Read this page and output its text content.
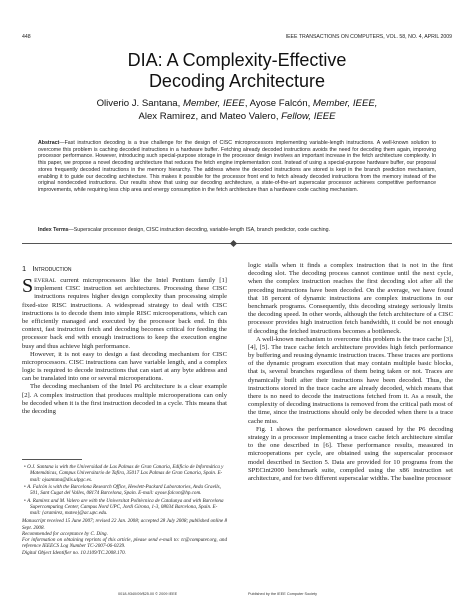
448	IEEE TRANSACTIONS ON COMPUTERS, VOL. 58, NO. 4, APRIL 2009
DIA: A Complexity-Effective
Decoding Architecture
Oliverio J. Santana, Member, IEEE, Ayose Falcón, Member, IEEE,
Alex Ramirez, and Mateo Valero, Fellow, IEEE
Abstract—Fast instruction decoding is a true challenge for the design of CISC microprocessors implementing variable-length instructions. A well-known solution to overcome this problem is caching decoded instructions in a hardware buffer. Fetching already decoded instructions avoids the need for decoding them again, improving processor performance. However, introducing such special-purpose storage in the processor design involves an important increase in the fetch architecture complexity. In this paper, we propose a novel decoding architecture that reduces the fetch engine implementation cost. Instead of using a special-purpose hardware buffer, our proposal stores frequently decoded instructions in the memory hierarchy. The address where the decoded instructions are stored is kept in the branch prediction mechanism, enabling it to guide our decoding architecture. This makes it possible for the processor front end to fetch already decoded instructions from the memory instead of the original nondecoded instructions. Our results show that using our decoding architecture, a state-of-the-art superscalar processor achieves competitive performance improvements, while requiring less chip area and energy consumption in the fetch architecture than a hardware code caching mechanism.
Index Terms—Superscalar processor design, CISC instruction decoding, variable-length ISA, branch predictor, code caching.
1 Introduction

SEVERAL current microprocessors like the Intel Pentium family [1] implement CISC instruction set architectures. Processing these CISC instructions requires higher design complexity than processing simple fixed-size RISC instructions. A widespread strategy to deal with CISC instructions is to decode them into simple RISC microoperations, which can be efficiently managed and executed by the processor back end. In this context, fast instruction fetch and decoding becomes critical for feeding the processor back end with enough instructions to keep the execution engine busy and thus achieve high performance.

However, it is not easy to design a fast decoding mechanism for CISC microprocessors. CISC instructions can have variable length, and a complex logic is required to decode instructions that can start at any byte address and can be translated into one or several microoperations.

The decoding mechanism of the Intel P6 architecture is a clear example [2]. A complex instruction that produces multiple microoperations can only be decoded when it is the first instruction decoded in a cycle. This means that the decoding

• O.J. Santana is with the Universidad de Las Palmas de Gran Canaria, Edificio de Informática y Matemáticas, Campus Universitario de Tafira, 35017 Las Palmas de Gran Canaria, Spain. E-mail: ojsantana@dis.ulpgc.es.
• A. Falcón is with the Barcelona Research Office, Hewlett-Packard Laboratories, Avda Graells, 501, Sant Cugat del Valles, 08174 Barcelona, Spain. E-mail: ayose.falcon@hp.com.
• A. Ramirez and M. Valero are with the Universitat Politècnica de Catalunya and with Barcelona Supercomputing Center, Campus Nord UPC, Jordi Girona, 1-3, 08034 Barcelona, Spain. E-mail: {aramirez, mateo}@ac.upc.edu.

Manuscript received 15 June 2007; revised 22 Jan. 2008; accepted 28 July 2008; published online 8 Sept. 2008.

Recommended for acceptance by C. Ding.

For information on obtaining reprints of this article, please send e-mail to: tc@computer.org, and reference IEEECS Log Number TC-2007-06-0239.

Digital Object Identifier no. 10.1109/TC.2008.170.

logic stalls when it finds a complex instruction that is not in the first decoding slot. The decoding process cannot continue until the next cycle, when the complex instruction reaches the first decoding slot after all the preceding instructions have been decoded. On the average, we have found that 18 percent of dynamic instructions are complex instructions in our benchmark programs. Consequently, this decoding strategy seriously limits the decoding speed. In other words, although the fetch architecture of a CISC processor provides high instruction fetch bandwidth, it could be not enough if decoding the fetched instructions becomes a bottleneck.

A well-known mechanism to overcome this problem is the trace cache [3], [4], [5]. The trace cache fetch architecture provides high fetch performance by buffering and reusing dynamic instruction traces. These traces are portions of the dynamic program execution that may contain multiple basic blocks, that is, several branches regardless of them being taken or not. Traces are dynamically built after their instructions have been decoded. Thus, the instructions stored in the trace cache are already decoded, which means that there is no need to decode the instructions fetched from it. As a result, the complexity of decoding instructions is removed from the critical path most of the time, since the instructions should only be decoded when there is a trace cache miss.

Fig. 1 shows the performance slowdown caused by the P6 decoding strategy in a processor implementing a trace cache fetch architecture similar to the one described in [6]. These performance results, measured in microoperations per cycle, are obtained using the superscalar processor model described in Section 5. Data are provided for 10 programs from the SPECint2000 benchmark suite, compiled using the x86 instruction set architecture, and for two different superscalar widths. The baseline processor

0018-9340/09/$25.00 © 2009 IEEE	Published by the IEEE Computer Society
